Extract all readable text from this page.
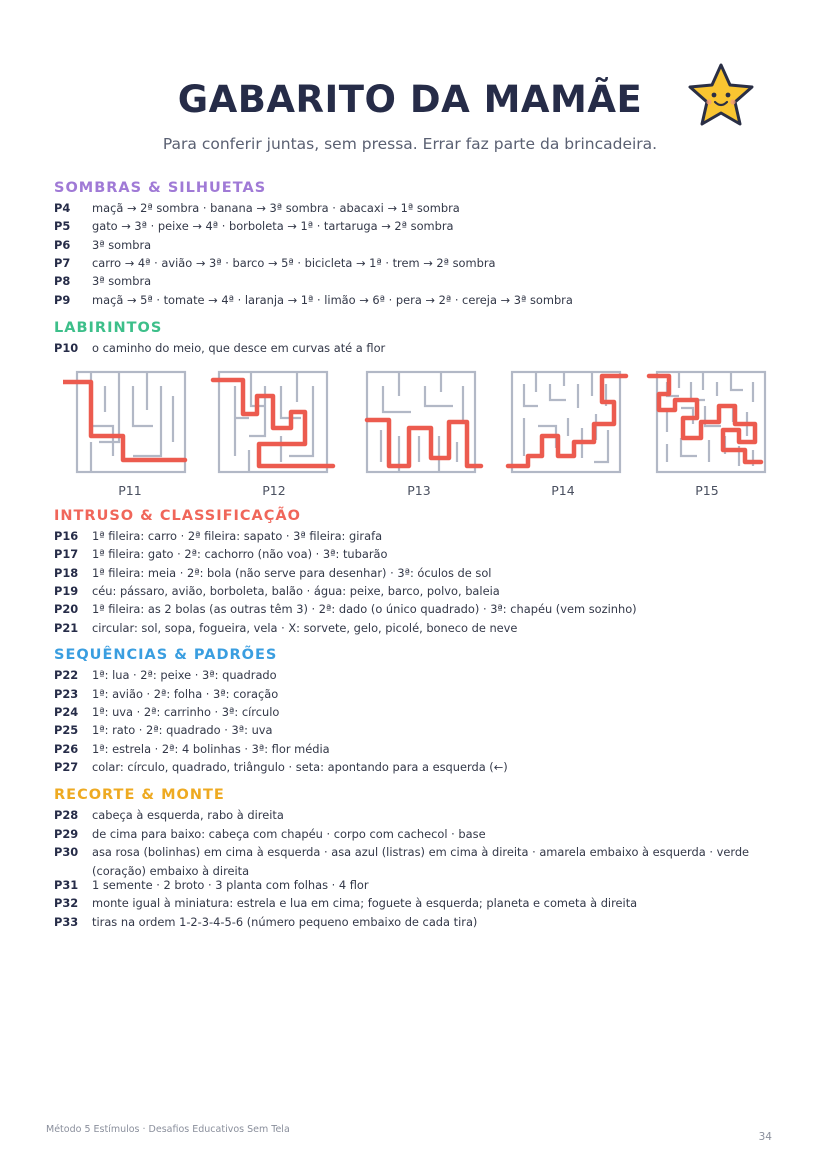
GABARITO DA MAMÃE
Para conferir juntas, sem pressa. Errar faz parte da brincadeira.
SOMBRAS & SILHUETAS
P4 maçã → 2ª sombra · banana → 3ª sombra · abacaxi → 1ª sombra
P5 gato → 3ª · peixe → 4ª · borboleta → 1ª · tartaruga → 2ª sombra
P6 3ª sombra
P7 carro → 4ª · avião → 3ª · barco → 5ª · bicicleta → 1ª · trem → 2ª sombra
P8 3ª sombra
P9 maçã → 5ª · tomate → 4ª · laranja → 1ª · limão → 6ª · pera → 2ª · cereja → 3ª sombra
LABIRINTOS
P10 o caminho do meio, que desce em curvas até a flor
P11	P12	P13	P14	P15
INTRUSO & CLASSIFICAÇÃO
P16 1ª fileira: carro · 2ª fileira: sapato · 3ª fileira: girafa
P17 1ª fileira: gato · 2ª: cachorro (não voa) · 3ª: tubarão
P18 1ª fileira: meia · 2ª: bola (não serve para desenhar) · 3ª: óculos de sol
P19 céu: pássaro, avião, borboleta, balão · água: peixe, barco, polvo, baleia
P20 1ª fileira: as 2 bolas (as outras têm 3) · 2ª: dado (o único quadrado) · 3ª: chapéu (vem sozinho)
P21 circular: sol, sopa, fogueira, vela · X: sorvete, gelo, picolé, boneco de neve
SEQUÊNCIAS & PADRÕES
P22 1ª: lua · 2ª: peixe · 3ª: quadrado
P23 1ª: avião · 2ª: folha · 3ª: coração
P24 1ª: uva · 2ª: carrinho · 3ª: círculo
P25 1ª: rato · 2ª: quadrado · 3ª: uva
P26 1ª: estrela · 2ª: 4 bolinhas · 3ª: flor média
P27 colar: círculo, quadrado, triângulo · seta: apontando para a esquerda (←)
RECORTE & MONTE
P28 cabeça à esquerda, rabo à direita
P29 de cima para baixo: cabeça com chapéu · corpo com cachecol · base
P30 asa rosa (bolinhas) em cima à esquerda · asa azul (listras) em cima à direita · amarela embaixo à esquerda · verde (coração) embaixo à direita
P31 1 semente · 2 broto · 3 planta com folhas · 4 flor
P32 monte igual à miniatura: estrela e lua em cima; foguete à esquerda; planeta e cometa à direita
P33 tiras na ordem 1-2-3-4-5-6 (número pequeno embaixo de cada tira)
Método 5 Estímulos · Desafios Educativos Sem Tela
34
